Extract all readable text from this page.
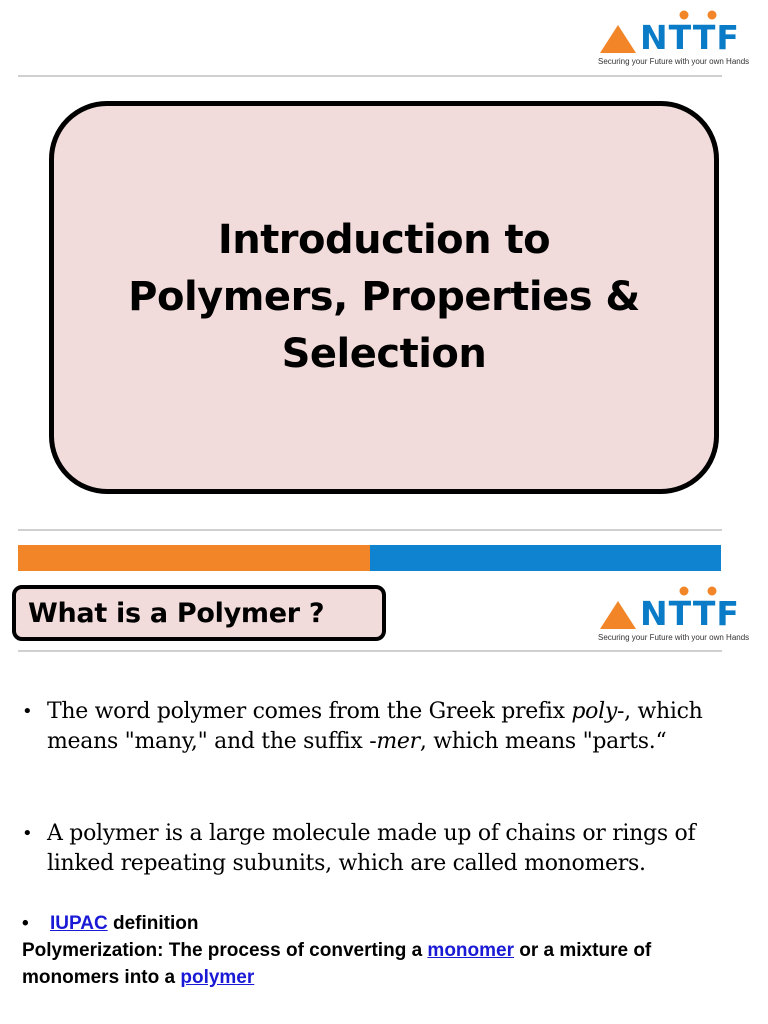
NTTF
Securing your Future with your own Hands
Introduction to
Polymers, Properties &
Selection
What is a Polymer ?	NTTF
Securing your Future with your own Hands
• The word polymer comes from the Greek prefix poly-, which means "many," and the suffix -mer, which means "parts.“
• A polymer is a large molecule made up of chains or rings of linked repeating subunits, which are called monomers.
• IUPAC definition
Polymerization: The process of converting a monomer or a mixture of monomers into a polymer
